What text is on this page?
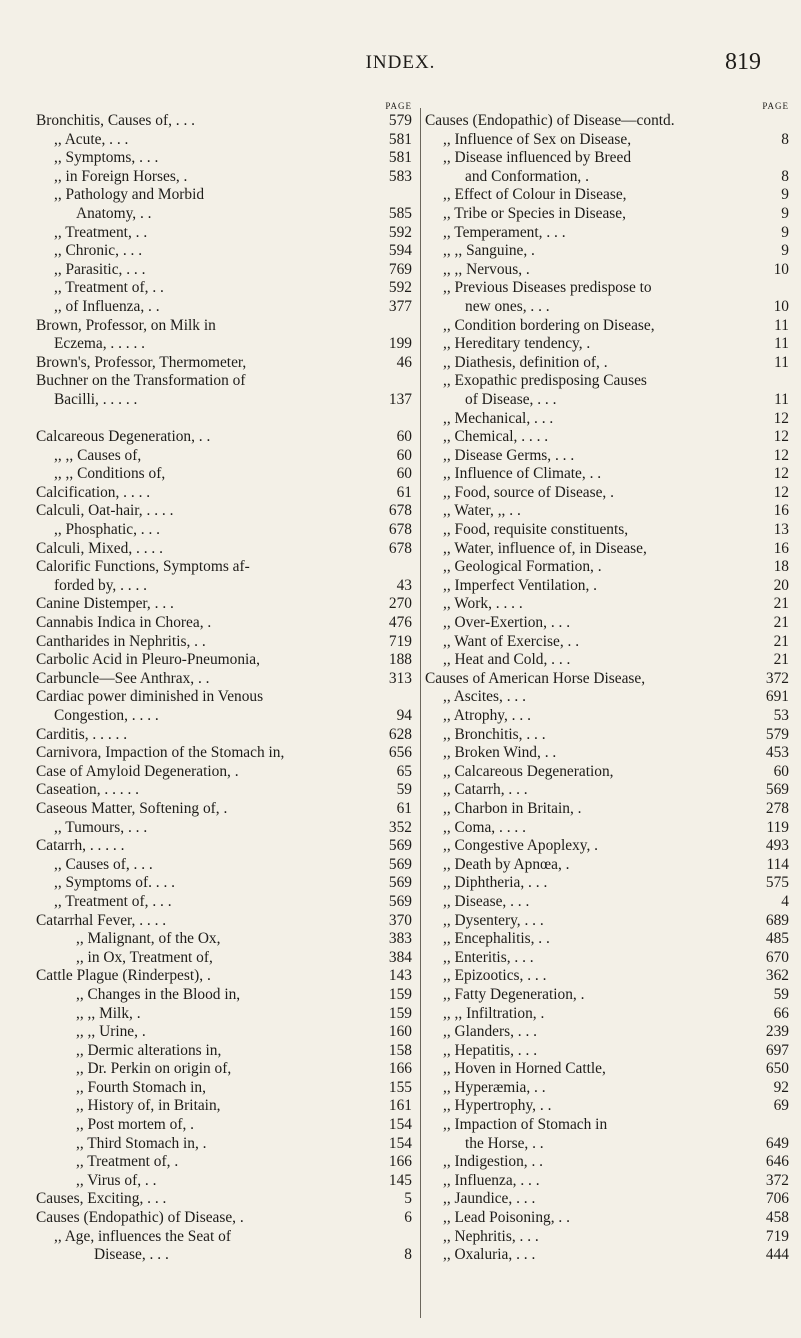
INDEX.	819
PAGE
Bronchitis, Causes of, . . .	579
,, Acute, . . .	581
,, Symptoms, . . .	581
,, in Foreign Horses, .	583
,, Pathology and Morbid
Anatomy, . .	585
,, Treatment, . .	592
,, Chronic, . . .	594
,, Parasitic, . . .	769
,, Treatment of, . .	592
,, of Influenza, . .	377
Brown, Professor, on Milk in
Eczema, . . . . .	199
Brown's, Professor, Thermometer,	46
Buchner on the Transformation of
Bacilli, . . . . .	137
Calcareous Degeneration, . .	60
,, ,, Causes of,	60
,, ,, Conditions of,	60
Calcification, . . . .	61
Calculi, Oat-hair, . . . .	678
,, Phosphatic, . . .	678
Calculi, Mixed, . . . .	678
Calorific Functions, Symptoms af-
forded by, . . . .	43
Canine Distemper, . . .	270
Cannabis Indica in Chorea, .	476
Cantharides in Nephritis, . .	719
Carbolic Acid in Pleuro-Pneumonia,	188
Carbuncle—See Anthrax, . .	313
Cardiac power diminished in Venous
Congestion, . . . .	94
Carditis, . . . . .	628
Carnivora, Impaction of the Stomach in,	656
Case of Amyloid Degeneration, .	65
Caseation, . . . . .	59
Caseous Matter, Softening of, .	61
,, Tumours, . . .	352
Catarrh, . . . . .	569
,, Causes of, . . .	569
,, Symptoms of. . . .	569
,, Treatment of, . . .	569
Catarrhal Fever, . . . .	370
,, Malignant, of the Ox,	383
,, in Ox, Treatment of,	384
Cattle Plague (Rinderpest), .	143
,, Changes in the Blood in,	159
,, ,, Milk, .	159
,, ,, Urine, .	160
,, Dermic alterations in,	158
,, Dr. Perkin on origin of,	166
,, Fourth Stomach in,	155
,, History of, in Britain,	161
,, Post mortem of, .	154
,, Third Stomach in, .	154
,, Treatment of, .	166
,, Virus of, . .	145
Causes, Exciting, . . .	5
Causes (Endopathic) of Disease, .	6
,, Age, influences the Seat of
Disease, . . .	8
PAGE
Causes (Endopathic) of Disease—contd.
,, Influence of Sex on Disease,	8
,, Disease influenced by Breed
and Conformation, .	8
,, Effect of Colour in Disease,	9
,, Tribe or Species in Disease,	9
,, Temperament, . . .	9
,, ,, Sanguine, .	9
,, ,, Nervous, .	10
,, Previous Diseases predispose to
new ones, . . .	10
,, Condition bordering on Disease,	11
,, Hereditary tendency, .	11
,, Diathesis, definition of, .	11
,, Exopathic predisposing Causes
of Disease, . . .	11
,, Mechanical, . . .	12
,, Chemical, . . . .	12
,, Disease Germs, . . .	12
,, Influence of Climate, . .	12
,, Food, source of Disease, .	12
,, Water, ,, . .	16
,, Food, requisite constituents,	13
,, Water, influence of, in Disease,	16
,, Geological Formation, .	18
,, Imperfect Ventilation, .	20
,, Work, . . . .	21
,, Over-Exertion, . . .	21
,, Want of Exercise, . .	21
,, Heat and Cold, . . .	21
Causes of American Horse Disease,	372
,, Ascites, . . .	691
,, Atrophy, . . .	53
,, Bronchitis, . . .	579
,, Broken Wind, . .	453
,, Calcareous Degeneration,	60
,, Catarrh, . . .	569
,, Charbon in Britain, .	278
,, Coma, . . . .	119
,, Congestive Apoplexy, .	493
,, Death by Apnœa, .	114
,, Diphtheria, . . .	575
,, Disease, . . .	4
,, Dysentery, . . .	689
,, Encephalitis, . .	485
,, Enteritis, . . .	670
,, Epizootics, . . .	362
,, Fatty Degeneration, .	59
,, ,, Infiltration, .	66
,, Glanders, . . .	239
,, Hepatitis, . . .	697
,, Hoven in Horned Cattle,	650
,, Hyperæmia, . .	92
,, Hypertrophy, . .	69
,, Impaction of Stomach in
the Horse, . .	649
,, Indigestion, . .	646
,, Influenza, . . .	372
,, Jaundice, . . .	706
,, Lead Poisoning, . .	458
,, Nephritis, . . .	719
,, Oxaluria, . . .	444
